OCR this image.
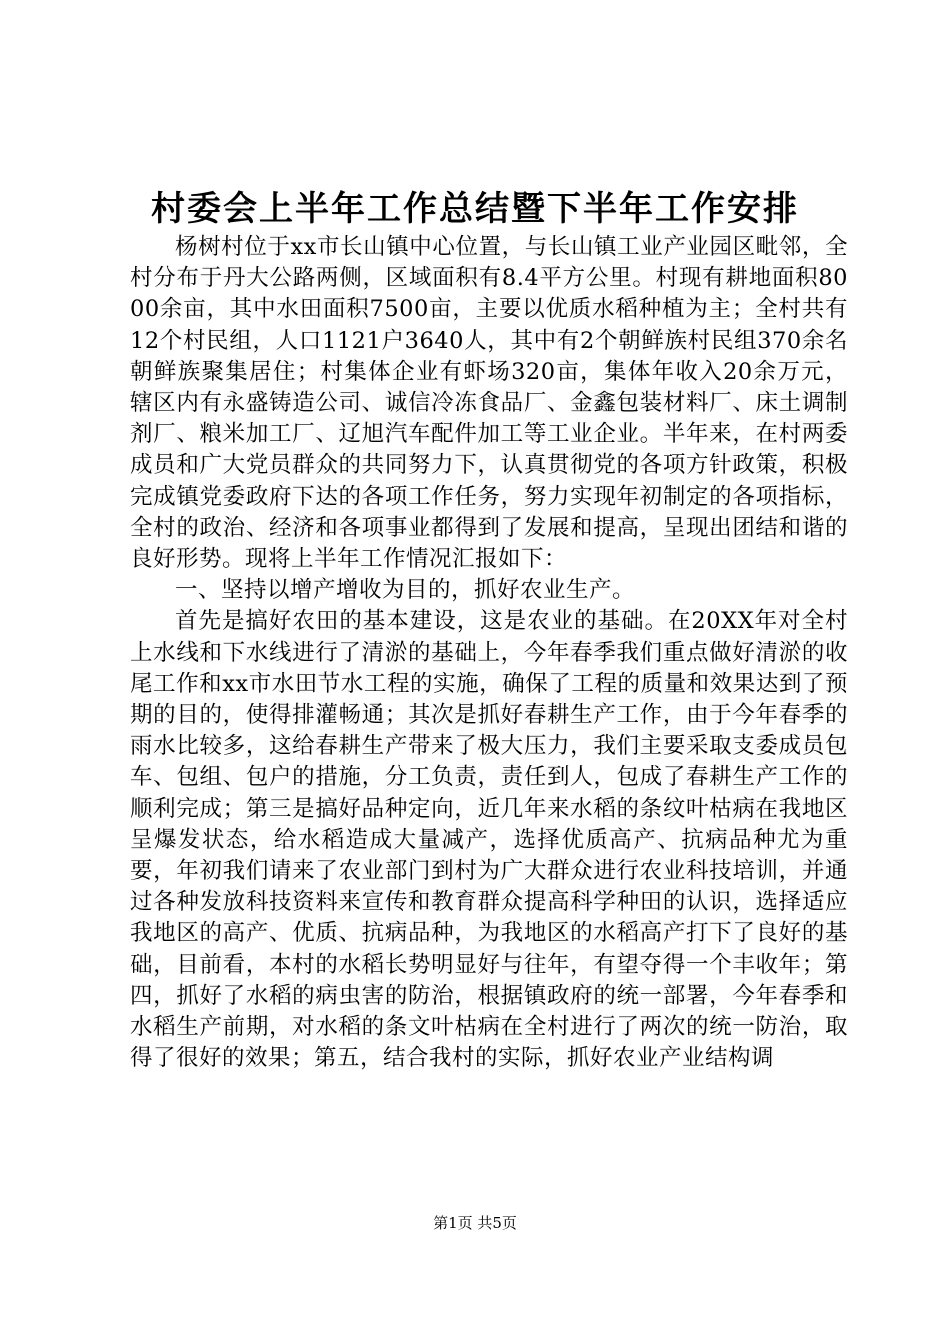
村委会上半年工作总结暨下半年工作安排

杨树村位于xx市长山镇中心位置，与长山镇工业产业园区毗邻，全村分布于丹大公路两侧，区域面积有8.4平方公里。村现有耕地面积8000余亩，其中水田面积7500亩，主要以优质水稻种植为主；全村共有12个村民组，人口1121户3640人，其中有2个朝鲜族村民组370余名朝鲜族聚集居住；村集体企业有虾场320亩，集体年收入20余万元，辖区内有永盛铸造公司、诚信冷冻食品厂、金鑫包装材料厂、床土调制剂厂、粮米加工厂、辽旭汽车配件加工等工业企业。半年来，在村两委成员和广大党员群众的共同努力下，认真贯彻党的各项方针政策，积极完成镇党委政府下达的各项工作任务，努力实现年初制定的各项指标，全村的政治、经济和各项事业都得到了发展和提高，呈现出团结和谐的良好形势。现将上半年工作情况汇报如下：

一、坚持以增产增收为目的，抓好农业生产。

首先是搞好农田的基本建设，这是农业的基础。在20XX年对全村上水线和下水线进行了清淤的基础上，今年春季我们重点做好清淤的收尾工作和xx市水田节水工程的实施，确保了工程的质量和效果达到了预期的目的，使得排灌畅通；其次是抓好春耕生产工作，由于今年春季的雨水比较多，这给春耕生产带来了极大压力，我们主要采取支委成员包车、包组、包户的措施，分工负责，责任到人，包成了春耕生产工作的顺利完成；第三是搞好品种定向，近几年来水稻的条纹叶枯病在我地区呈爆发状态，给水稻造成大量减产，选择优质高产、抗病品种尤为重要，年初我们请来了农业部门到村为广大群众进行农业科技培训，并通过各种发放科技资料来宣传和教育群众提高科学种田的认识，选择适应我地区的高产、优质、抗病品种，为我地区的水稻高产打下了良好的基础，目前看，本村的水稻长势明显好与往年，有望夺得一个丰收年；第四，抓好了水稻的病虫害的防治，根据镇政府的统一部署，今年春季和水稻生产前期，对水稻的条文叶枯病在全村进行了两次的统一防治，取得了很好的效果；第五，结合我村的实际，抓好农业产业结构调

第1页 共5页
